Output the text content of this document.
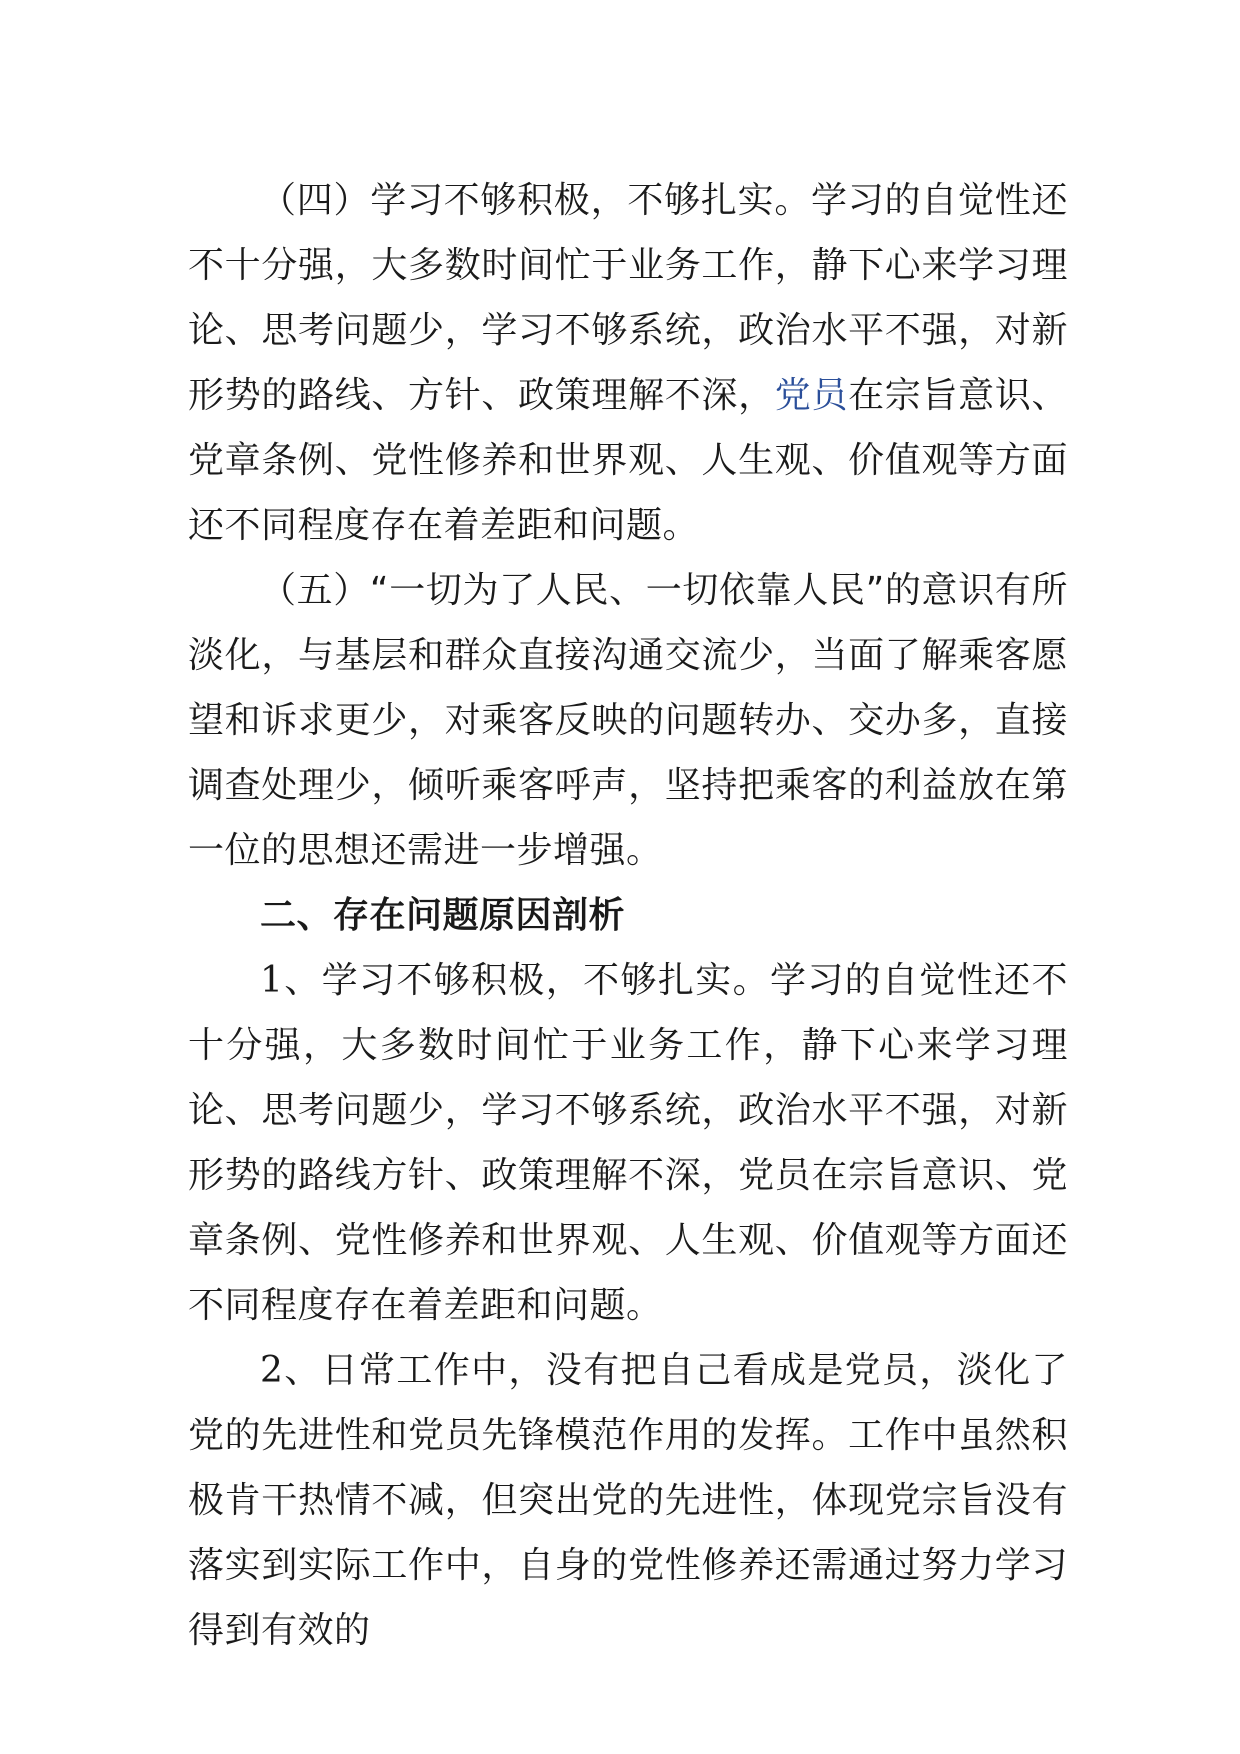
（四）学习不够积极，不够扎实。学习的自觉性还不十分强，大多数时间忙于业务工作，静下心来学习理论、思考问题少，学习不够系统，政治水平不强，对新形势的路线、方针、政策理解不深，党员在宗旨意识、党章条例、党性修养和世界观、人生观、价值观等方面还不同程度存在着差距和问题。

（五）“一切为了人民、一切依靠人民”的意识有所淡化，与基层和群众直接沟通交流少，当面了解乘客愿望和诉求更少，对乘客反映的问题转办、交办多，直接调查处理少，倾听乘客呼声，坚持把乘客的利益放在第一位的思想还需进一步增强。

二、存在问题原因剖析

1、学习不够积极，不够扎实。学习的自觉性还不十分强，大多数时间忙于业务工作，静下心来学习理论、思考问题少，学习不够系统，政治水平不强，对新形势的路线方针、政策理解不深，党员在宗旨意识、党章条例、党性修养和世界观、人生观、价值观等方面还不同程度存在着差距和问题。

2、日常工作中，没有把自己看成是党员，淡化了党的先进性和党员先锋模范作用的发挥。工作中虽然积极肯干热情不减，但突出党的先进性，体现党宗旨没有落实到实际工作中，自身的党性修养还需通过努力学习得到有效的
